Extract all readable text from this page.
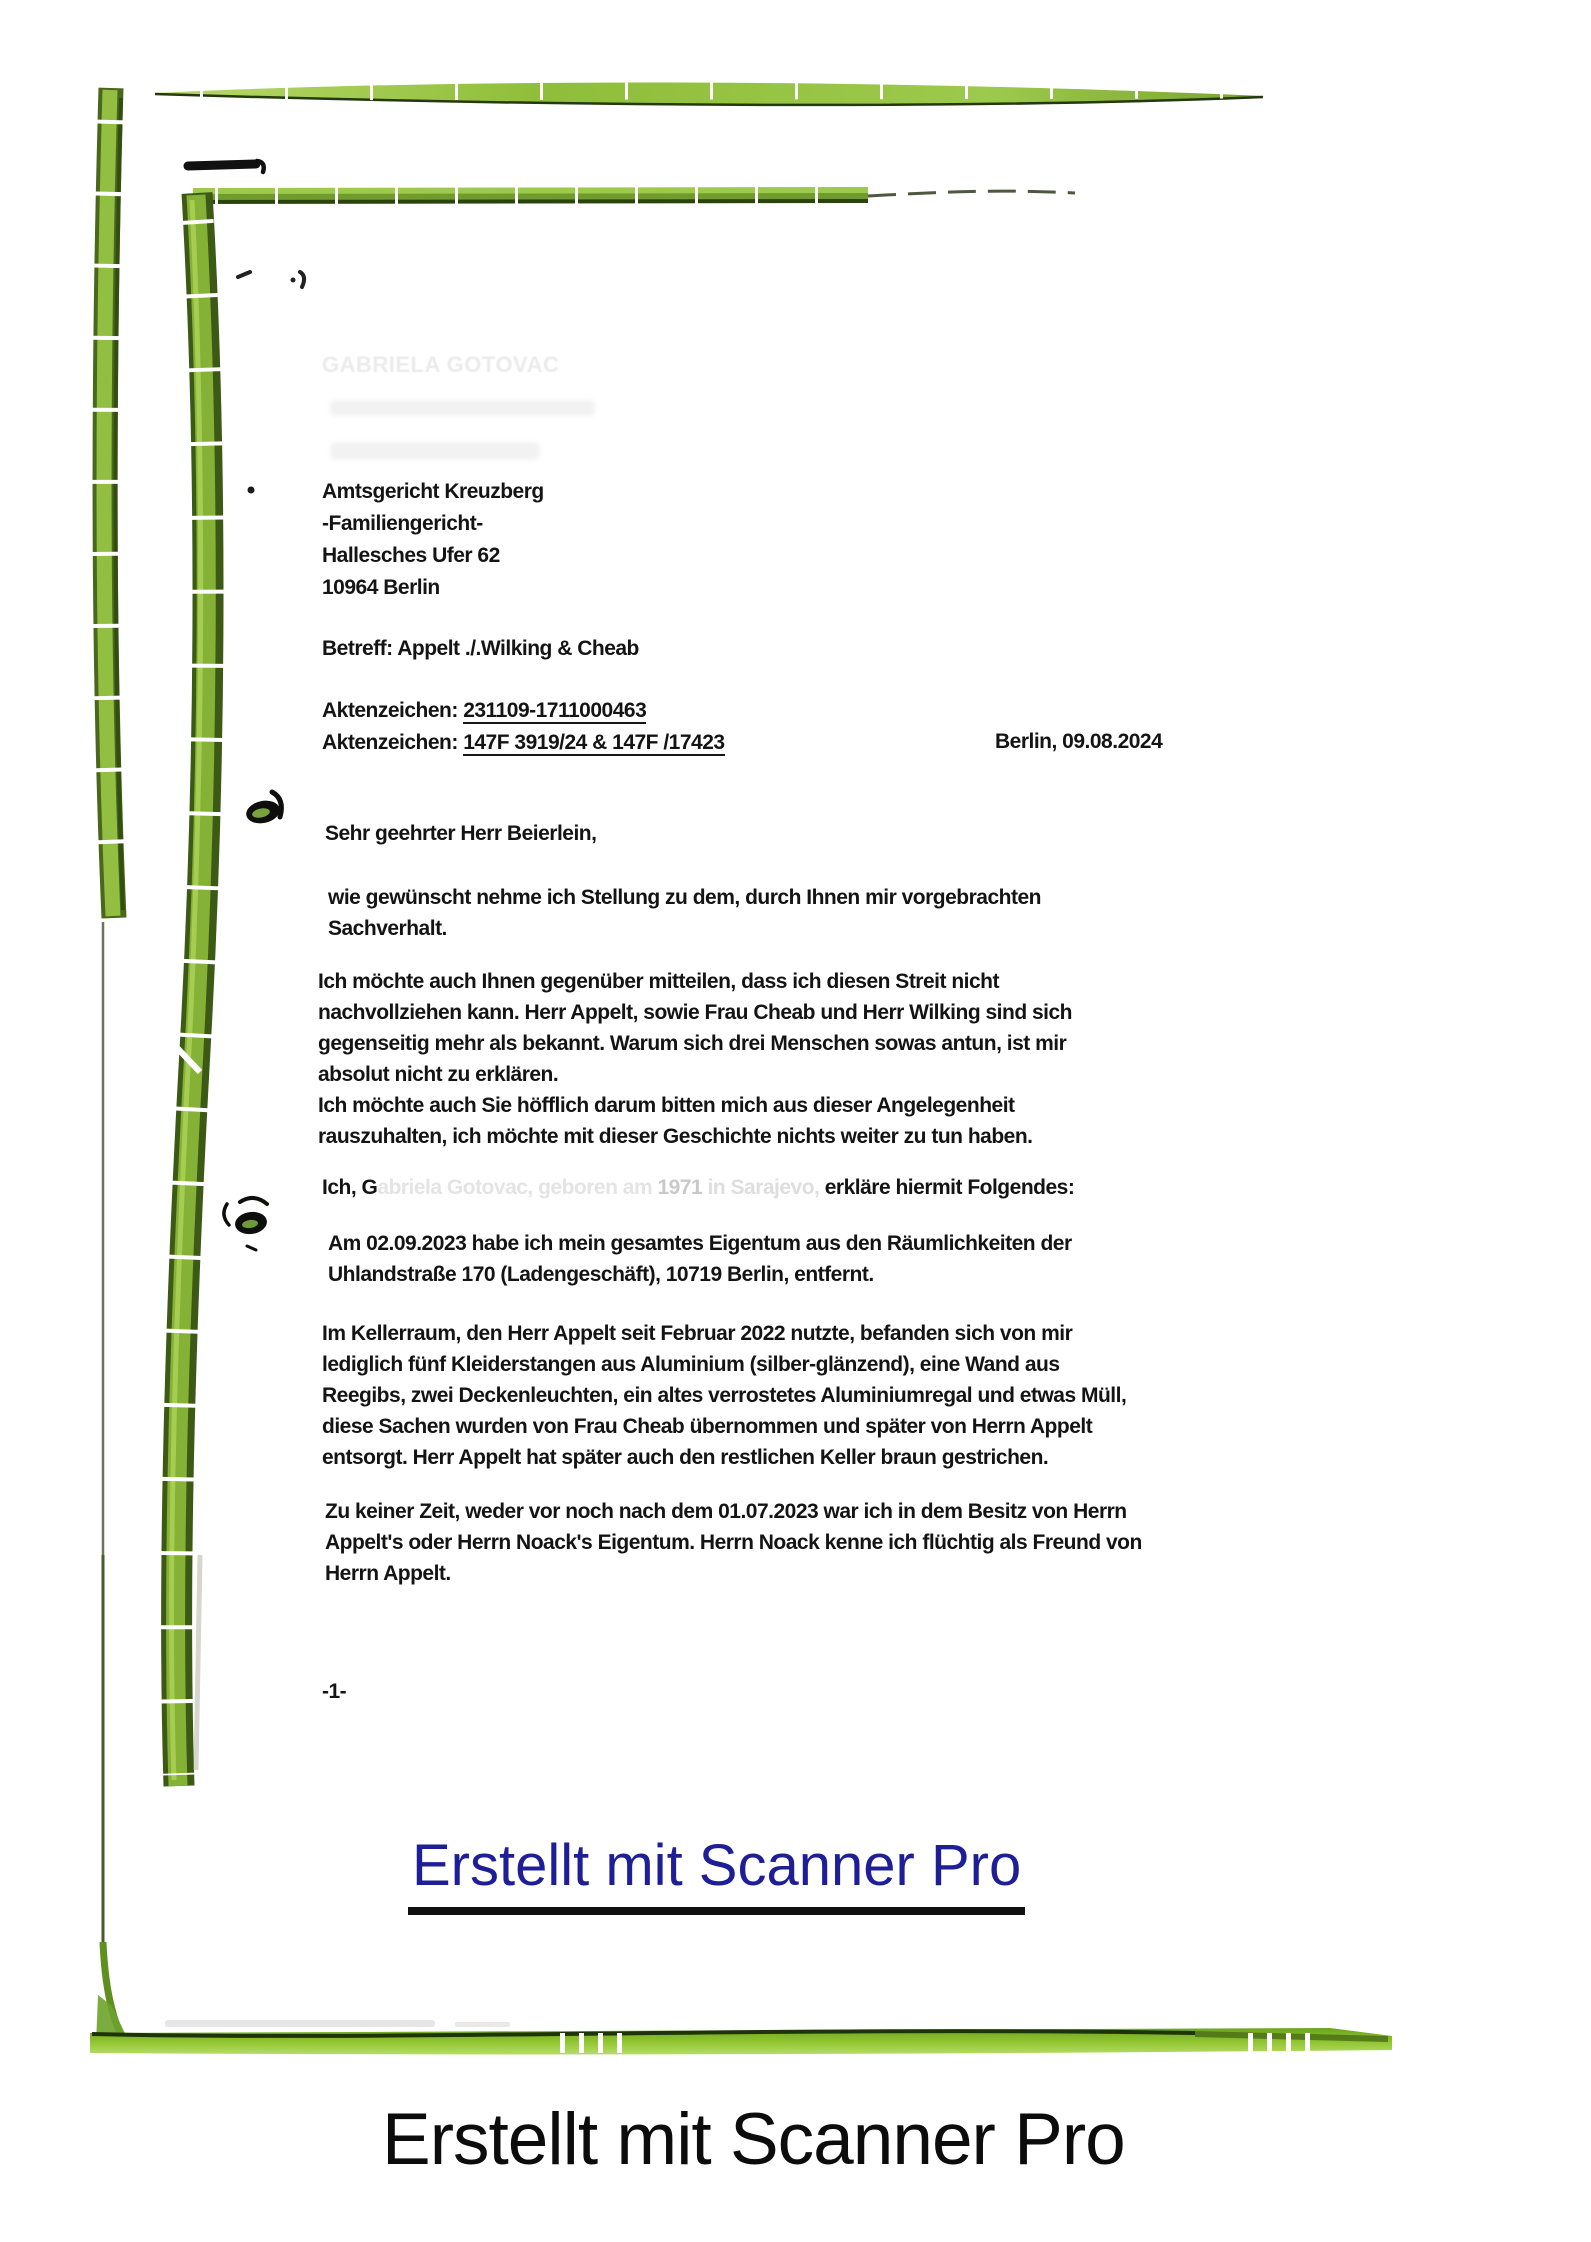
GABRIELA GOTOVAC
Amtsgericht Kreuzberg
-Familiengericht-
Hallesches Ufer 62
10964 Berlin
Betreff: Appelt ./.Wilking & Cheab
Aktenzeichen: 231109-1711000463
Aktenzeichen: 147F 3919/24 & 147F /17423	Berlin, 09.08.2024
Sehr geehrter Herr Beierlein,
wie gewünscht nehme ich Stellung zu dem, durch Ihnen mir vorgebrachten
Sachverhalt.
Ich möchte auch Ihnen gegenüber mitteilen, dass ich diesen Streit nicht
nachvollziehen kann. Herr Appelt, sowie Frau Cheab und Herr Wilking sind sich
gegenseitig mehr als bekannt. Warum sich drei Menschen sowas antun, ist mir
absolut nicht zu erklären.
Ich möchte auch Sie höfflich darum bitten mich aus dieser Angelegenheit
rauszuhalten, ich möchte mit dieser Geschichte nichts weiter zu tun haben.
Ich, Gabriela Gotovac, geboren am 1971 in Sarajevo, erkläre hiermit Folgendes:
Am 02.09.2023 habe ich mein gesamtes Eigentum aus den Räumlichkeiten der
Uhlandstraße 170 (Ladengeschäft), 10719 Berlin, entfernt.
Im Kellerraum, den Herr Appelt seit Februar 2022 nutzte, befanden sich von mir
lediglich fünf Kleiderstangen aus Aluminium (silber-glänzend), eine Wand aus
Reegibs, zwei Deckenleuchten, ein altes verrostetes Aluminiumregal und etwas Müll,
diese Sachen wurden von Frau Cheab übernommen und später von Herrn Appelt
entsorgt. Herr Appelt hat später auch den restlichen Keller braun gestrichen.
Zu keiner Zeit, weder vor noch nach dem 01.07.2023 war ich in dem Besitz von Herrn
Appelt's oder Herrn Noack's Eigentum. Herrn Noack kenne ich flüchtig als Freund von
Herrn Appelt.
-1-
Erstellt mit Scanner Pro
Erstellt mit Scanner Pro
